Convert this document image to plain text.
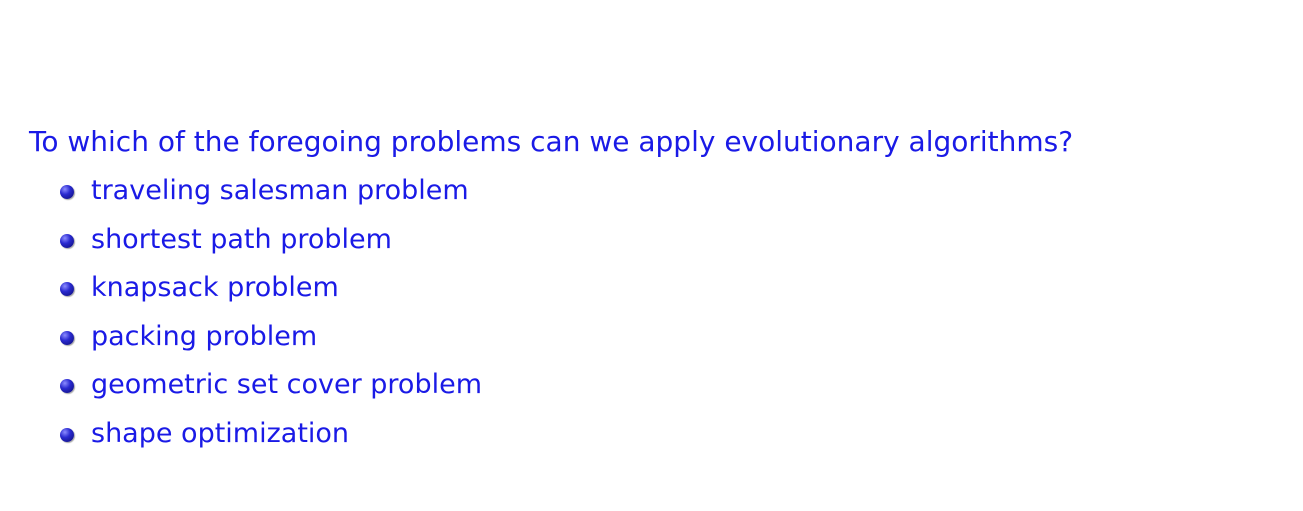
To which of the foregoing problems can we apply evolutionary algorithms?
traveling salesman problem
shortest path problem
knapsack problem
packing problem
geometric set cover problem
shape optimization
